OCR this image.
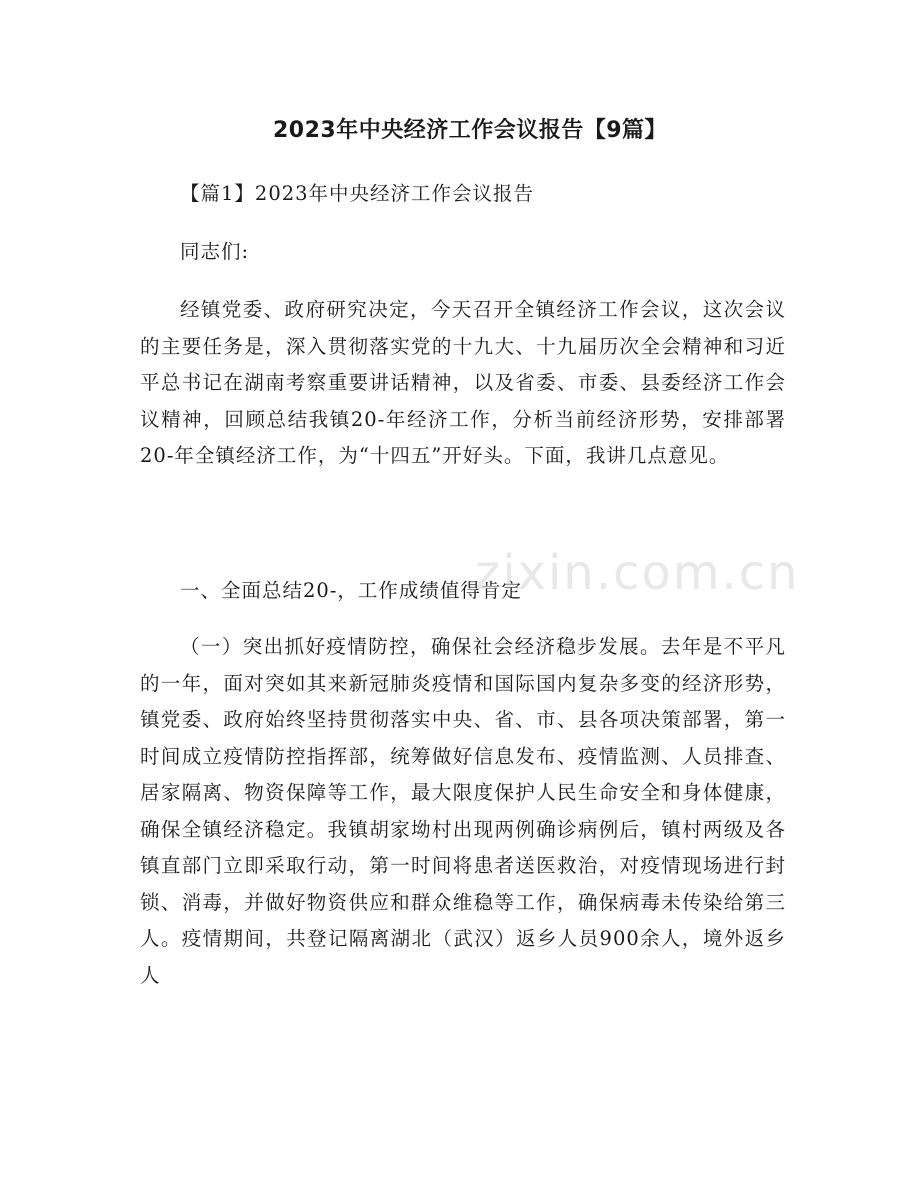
2023年中央经济工作会议报告【9篇】

【篇1】2023年中央经济工作会议报告

同志们:

经镇党委、政府研究决定，今天召开全镇经济工作会议，这次会议的主要任务是，深入贯彻落实党的十九大、十九届历次全会精神和习近平总书记在湖南考察重要讲话精神，以及省委、市委、县委经济工作会议精神，回顾总结我镇20-年经济工作，分析当前经济形势，安排部署20-年全镇经济工作，为“十四五”开好头。下面，我讲几点意见。

一、全面总结20-，工作成绩值得肯定

（一）突出抓好疫情防控，确保社会经济稳步发展。去年是不平凡的一年，面对突如其来新冠肺炎疫情和国际国内复杂多变的经济形势，镇党委、政府始终坚持贯彻落实中央、省、市、县各项决策部署，第一时间成立疫情防控指挥部，统筹做好信息发布、疫情监测、人员排查、居家隔离、物资保障等工作，最大限度保护人民生命安全和身体健康，确保全镇经济稳定。我镇胡家坳村出现两例确诊病例后，镇村两级及各镇直部门立即采取行动，第一时间将患者送医救治，对疫情现场进行封锁、消毒，并做好物资供应和群众维稳等工作，确保病毒未传染给第三人。疫情期间，共登记隔离湖北（武汉）返乡人员900余人，境外返乡人

zixin.com.cn
